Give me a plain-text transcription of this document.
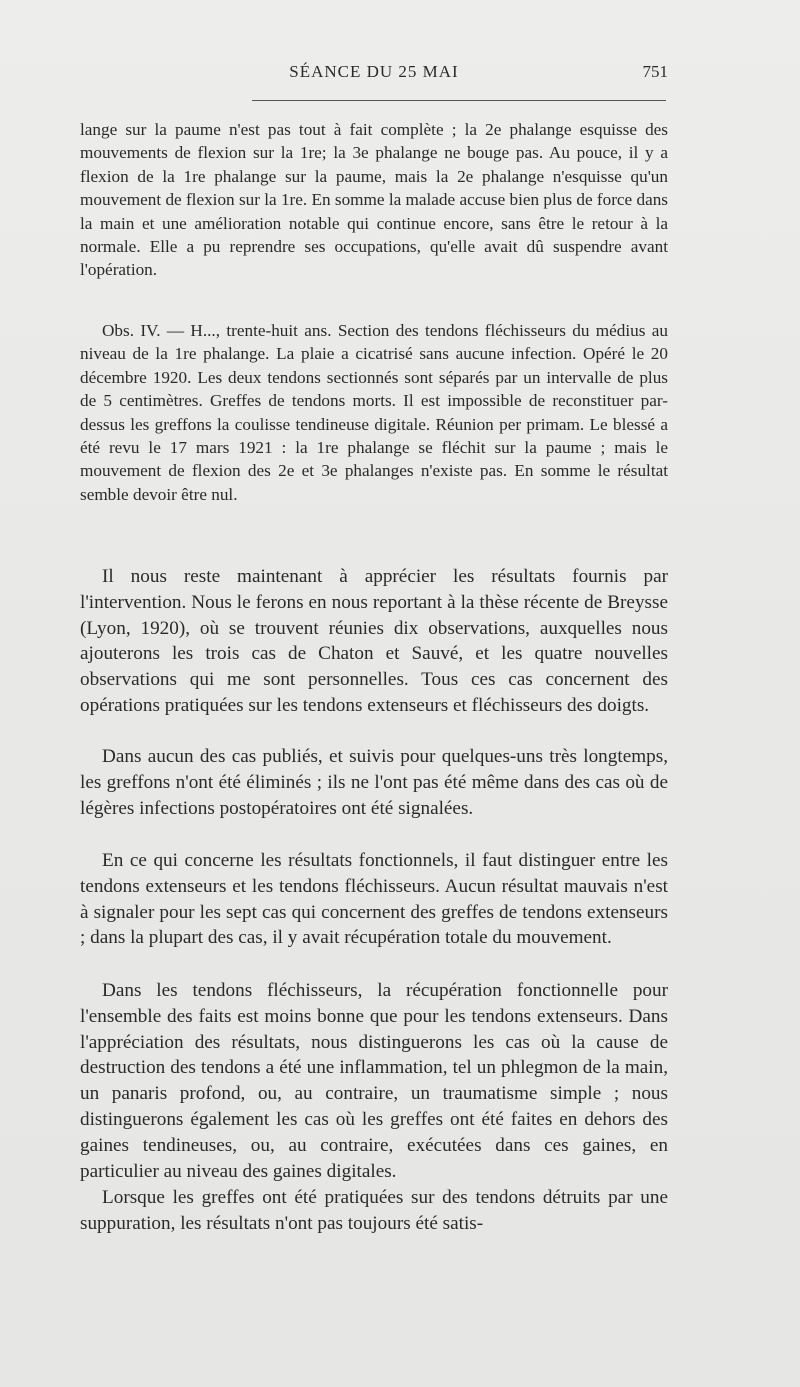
SÉANCE DU 25 MAI	751

lange sur la paume n'est pas tout à fait complète ; la 2e phalange esquisse des mouvements de flexion sur la 1re; la 3e phalange ne bouge pas. Au pouce, il y a flexion de la 1re phalange sur la paume, mais la 2e phalange n'esquisse qu'un mouvement de flexion sur la 1re. En somme la malade accuse bien plus de force dans la main et une amélioration notable qui continue encore, sans être le retour à la normale. Elle a pu reprendre ses occupations, qu'elle avait dû suspendre avant l'opération.

Obs. IV. — H..., trente-huit ans. Section des tendons fléchisseurs du médius au niveau de la 1re phalange. La plaie a cicatrisé sans aucune infection. Opéré le 20 décembre 1920. Les deux tendons sectionnés sont séparés par un intervalle de plus de 5 centimètres. Greffes de tendons morts. Il est impossible de reconstituer par-dessus les greffons la coulisse tendineuse digitale. Réunion per primam. Le blessé a été revu le 17 mars 1921 : la 1re phalange se fléchit sur la paume ; mais le mouvement de flexion des 2e et 3e phalanges n'existe pas. En somme le résultat semble devoir être nul.

Il nous reste maintenant à apprécier les résultats fournis par l'intervention. Nous le ferons en nous reportant à la thèse récente de Breysse (Lyon, 1920), où se trouvent réunies dix observations, auxquelles nous ajouterons les trois cas de Chaton et Sauvé, et les quatre nouvelles observations qui me sont personnelles. Tous ces cas concernent des opérations pratiquées sur les tendons extenseurs et fléchisseurs des doigts.

Dans aucun des cas publiés, et suivis pour quelques-uns très longtemps, les greffons n'ont été éliminés ; ils ne l'ont pas été même dans des cas où de légères infections postopératoires ont été signalées.

En ce qui concerne les résultats fonctionnels, il faut distinguer entre les tendons extenseurs et les tendons fléchisseurs. Aucun résultat mauvais n'est à signaler pour les sept cas qui concernent des greffes de tendons extenseurs ; dans la plupart des cas, il y avait récupération totale du mouvement.

Dans les tendons fléchisseurs, la récupération fonctionnelle pour l'ensemble des faits est moins bonne que pour les tendons extenseurs. Dans l'appréciation des résultats, nous distinguerons les cas où la cause de destruction des tendons a été une inflammation, tel un phlegmon de la main, un panaris profond, ou, au contraire, un traumatisme simple ; nous distinguerons également les cas où les greffes ont été faites en dehors des gaines tendineuses, ou, au contraire, exécutées dans ces gaines, en particulier au niveau des gaines digitales.

Lorsque les greffes ont été pratiquées sur des tendons détruits par une suppuration, les résultats n'ont pas toujours été satis-
